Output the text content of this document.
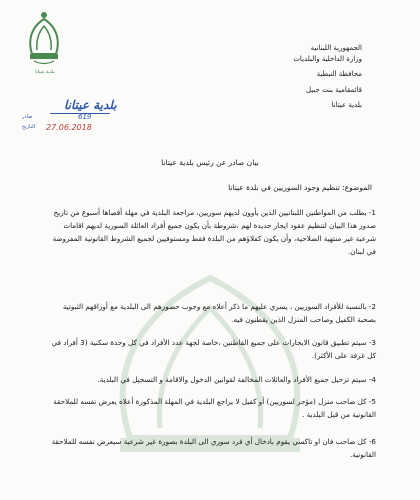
بلدية عيتانا
الجمهورية اللبنانية
وزارة الداخلية والبلديات
محافظة النبطية
قائمقامية بنت جبيل
بلدية عيتانا
بلدية عيتانا
صادر	619
التاريخ 27.06.2018
بيان صادر عن رئيس بلدية عيتانا
الموضوع: تنظيم وجود السوريين في بلدة عيتانا
1- يطلب من المواطنين اللبنانيين الذين يأوون لديهم سوريين، مراجعة البلدية في مهلة أقصاها أسبوع من تاريخ صدور هذا البيان لتنظيم عقود ايجار جديدة لهم ،شروطة بأن يكون جميع أفراد العائلة السورية لديهم اقامات شرعية غير منتهية الصلاحية، وأن يكون كفلاؤهم من البلدة فقط ومستوفيين لجميع الشروط القانونية المفروضة في لبنان.
2- بالنسبة للأفراد السوريين ، يسري عليهم ما ذكر أعلاه مع وجوب حضورهم الى البلدية مع أوراقهم الثبوتية بصحبة الكفيل وصاحب المنزل الذين يقطنون فيه.
3- سيتم تطبيق قانون الايجارات على جميع القاطنين ،خاصة لجهة عدد الأفراد في كل وحدة سكنية (3 أفراد في كل غرفة على الأكثر).
4- سيتم ترحيل جميع الأفراد والعائلات المخالفة لقوانين الدخول والاقامة و التسجيل في البلدية.
5- كل صاحب منزل (مؤجر لسوريين) أو كفيل لا يراجع البلدية في المهلة المذكورة أعلاه يعرض نفسه للملاحقة القانونية من قبل البلدية .
6- كل صاحب فان او تاكسي يقوم بادخال أي فرد سوري الى البلدة بصورة غير شرعية سيعرض نفسه للملاحقة القانونية.
